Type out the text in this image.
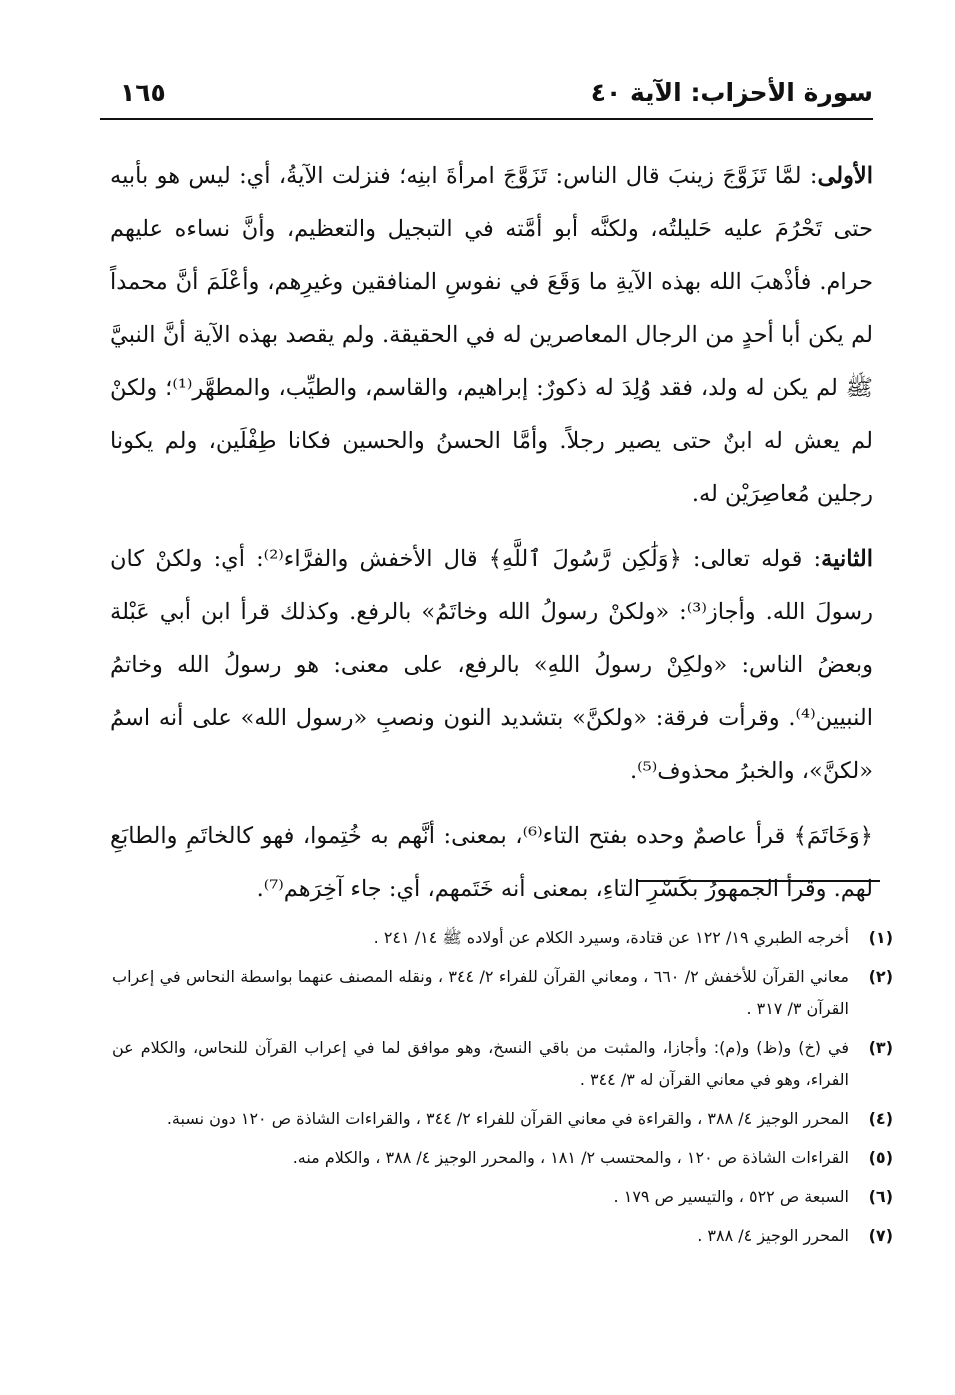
سورة الأحزاب: الآية ٤٠
١٦٥

الأولى: لمَّا تَزَوَّجَ زينبَ قال الناس: تَزَوَّجَ امرأةَ ابنِه؛ فنزلت الآيةُ، أي: ليس هو بأبيه حتى تَحْرُمَ عليه حَليلتُه، ولكنَّه أبو أمَّته في التبجيل والتعظيم، وأنَّ نساءه عليهم حرام. فأذْهبَ الله بهذه الآيةِ ما وَقَعَ في نفوسِ المنافقين وغيرِهم، وأعْلَمَ أنَّ محمداً لم يكن أبا أحدٍ من الرجال المعاصرين له في الحقيقة. ولم يقصد بهذه الآية أنَّ النبيَّ ﷺ لم يكن له ولد، فقد وُلِدَ له ذكورٌ: إبراهيم، والقاسم، والطيِّب، والمطهَّر⁽¹⁾؛ ولكنْ لم يعش له ابنٌ حتى يصير رجلاً. وأمَّا الحسنُ والحسين فكانا طِفْلَين، ولم يكونا رجلين مُعاصِرَيْن له.

الثانية: قوله تعالى: ﴿وَلَٰكِن رَّسُولَ ٱللَّهِ﴾ قال الأخفش والفرَّاء⁽²⁾: أي: ولكنْ كان رسولَ الله. وأجاز⁽³⁾: «ولكنْ رسولُ الله وخاتَمُ» بالرفع. وكذلك قرأ ابن أبي عَبْلة وبعضُ الناس: «ولكِنْ رسولُ اللهِ» بالرفع، على معنى: هو رسولُ الله وخاتمُ النبيين⁽⁴⁾. وقرأت فرقة: «ولكنَّ» بتشديد النون ونصبِ «رسول الله» على أنه اسمُ «لكنَّ»، والخبرُ محذوف⁽⁵⁾.

﴿وَخَاتَمَ﴾ قرأ عاصمٌ وحده بفتح التاء⁽⁶⁾، بمعنى: أنَّهم به خُتِموا، فهو كالخاتَمِ والطابَعِ لهم. وقرأ الجمهورُ بكَسْرِ التاءِ، بمعنى أنه خَتَمهم، أي: جاء آخِرَهم⁽⁷⁾.

(١)
أخرجه الطبري ١٩/ ١٢٢ عن قتادة، وسيرد الكلام عن أولاده ﷺ ١٤/ ٢٤١ .
(٢)
معاني القرآن للأخفش ٢/ ٦٦٠ ، ومعاني القرآن للفراء ٢/ ٣٤٤ ، ونقله المصنف عنهما بواسطة النحاس في إعراب القرآن ٣/ ٣١٧ .
(٣)
في (خ) و(ظ) و(م): وأجازا، والمثبت من باقي النسخ، وهو موافق لما في إعراب القرآن للنحاس، والكلام عن الفراء، وهو في معاني القرآن له ٣/ ٣٤٤ .
(٤)
المحرر الوجيز ٤/ ٣٨٨ ، والقراءة في معاني القرآن للفراء ٢/ ٣٤٤ ، والقراءات الشاذة ص ١٢٠ دون نسبة.
(٥)
القراءات الشاذة ص ١٢٠ ، والمحتسب ٢/ ١٨١ ، والمحرر الوجيز ٤/ ٣٨٨ ، والكلام منه.
(٦)
السبعة ص ٥٢٢ ، والتيسير ص ١٧٩ .
(٧)
المحرر الوجيز ٤/ ٣٨٨ .
